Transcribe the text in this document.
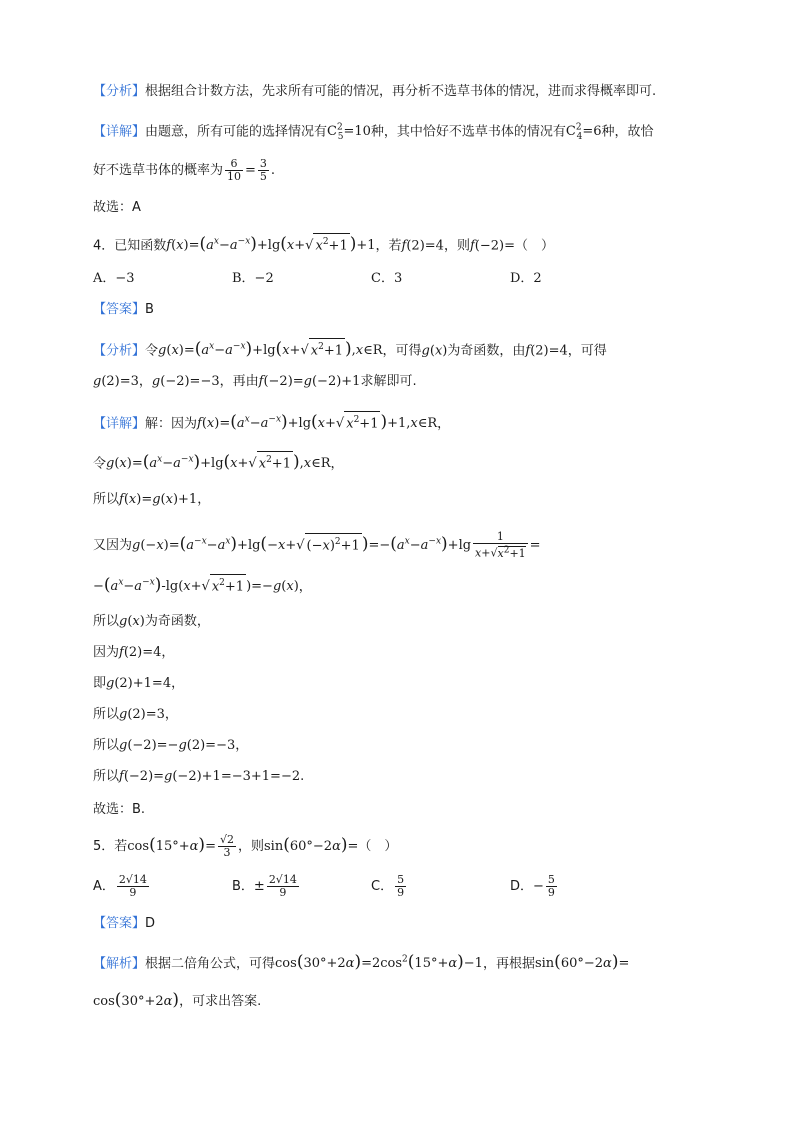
【分析】根据组合计数方法，先求所有可能的情况，再分析不选草书体的情况，进而求得概率即可.
【详解】由题意，所有可能的选择情况有$C^2_5=10$种，其中恰好不选草书体的情况有$C^2_4=6$种，故恰
好不选草书体的概率为 $\frac{6}{10} = \frac{3}{5}$ .
故选：A
4．已知函数$f(x)=(a^x-a^{-x})+\lg(x+√$ $x^2+1$ )+1，若f(2)=4，则f(−2)=（　）
A．−3	B．−2	C．3	D．2
【答案】B
【分析】令$g(x)=(a^x-a^{-x})+\lg(x+√$ $x^2+1$ ),x∈R，可得g(x)为奇函数，由f(2)=4，可得
g(2)=3，g(−2)=−3，再由f(−2)=g(−2)+1求解即可.
【详解】解：因为$f(x)=(a^x-a^{-x})+\lg(x+√$ $x^2+1$ )+1,x∈R，
令$g(x)=(a^x-a^{-x})+\lg(x+√$ $x^2+1$ ),x∈R，
所以f(x)=g(x)+1，
又因为$g(-x)=(a^{-x}-a^x)+\lg(-x+√$ $(-x)^2+1$ )$=-(a^x-a^{-x})+\lg \frac{1}{x+√x^2+1}$ =
$-(a^x-a^{-x})-\lg(x+√$ $x^2+1$ )=−g(x)，
所以g(x)为奇函数，
因为f(2)=4，
即g(2)+1=4，
所以g(2)=3，
所以g(−2)=−g(2)=−3，
所以f(−2)=g(−2)+1=−3+1=−2.
故选：B.
5．若$\cos(15^\circ+\alpha)= \frac{√2}{3}$ ，则sin(60°−2α)=（　）
A． $\frac{2√14}{9}$	B．± $\frac{2√14}{9}$	C． $\frac{5}{9}$	D．− $\frac{5}{9}$
【答案】D
【解析】根据二倍角公式，可得$\cos(30^\circ+2\alpha)=2\cos^2(15^\circ+\alpha)-1$，再根据sin(60°−2α)=
cos(30°+2α)，可求出答案.
